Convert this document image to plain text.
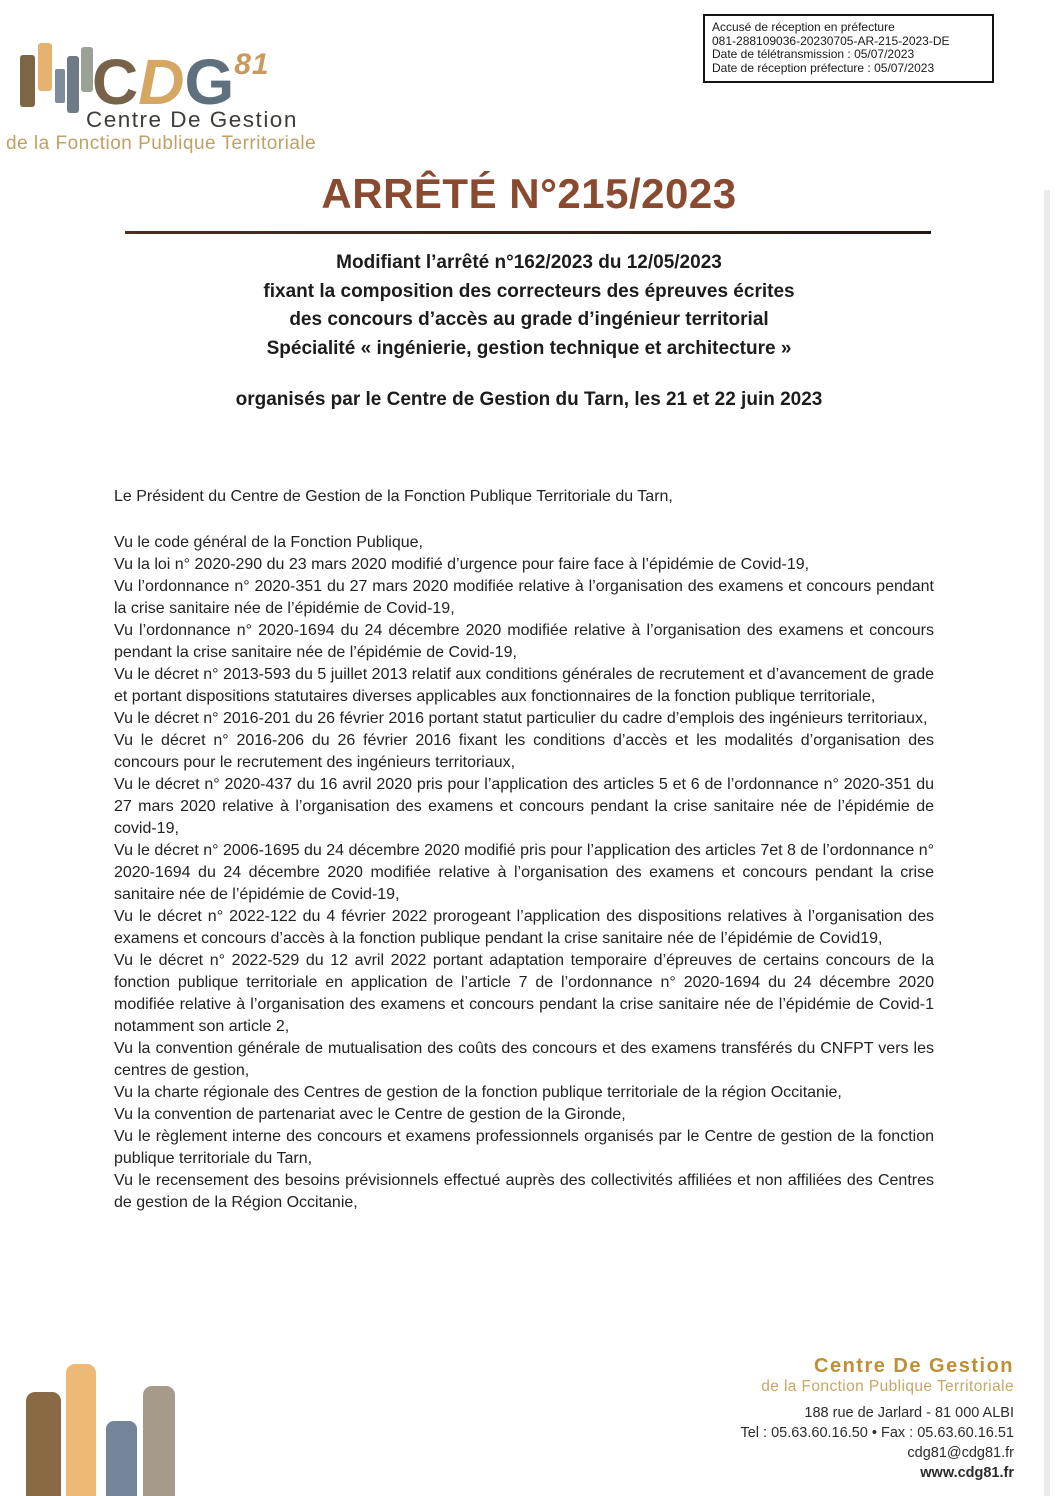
CDG$^{81}$
Centre De Gestion
de la Fonction Publique Territoriale
Accusé de réception en préfecture
081-288109036-20230705-AR-215-2023-DE
Date de télétransmission : 05/07/2023
Date de réception préfecture : 05/07/2023
ARRÊTÉ N°215/2023
Modifiant l’arrêté n°162/2023 du 12/05/2023
fixant la composition des correcteurs des épreuves écrites
des concours d’accès au grade d’ingénieur territorial
Spécialité « ingénierie, gestion technique et architecture »
organisés par le Centre de Gestion du Tarn, les 21 et 22 juin 2023

Le Président du Centre de Gestion de la Fonction Publique Territoriale du Tarn,

Vu le code général de la Fonction Publique,

Vu la loi n° 2020-290 du 23 mars 2020 modifié d’urgence pour faire face à l’épidémie de Covid-19,

Vu l’ordonnance n° 2020-351 du 27 mars 2020 modifiée relative à l’organisation des examens et concours pendant la crise sanitaire née de l’épidémie de Covid-19,

Vu l’ordonnance n° 2020-1694 du 24 décembre 2020 modifiée relative à l’organisation des examens et concours pendant la crise sanitaire née de l’épidémie de Covid-19,

Vu le décret n° 2013-593 du 5 juillet 2013 relatif aux conditions générales de recrutement et d’avancement de grade et portant dispositions statutaires diverses applicables aux fonctionnaires de la fonction publique territoriale,

Vu le décret n° 2016-201 du 26 février 2016 portant statut particulier du cadre d’emplois des ingénieurs territoriaux,

Vu le décret n° 2016-206 du 26 février 2016 fixant les conditions d’accès et les modalités d’organisation des concours pour le recrutement des ingénieurs territoriaux,

Vu le décret n° 2020-437 du 16 avril 2020 pris pour l’application des articles 5 et 6 de l’ordonnance n° 2020-351 du 27 mars 2020 relative à l’organisation des examens et concours pendant la crise sanitaire née de l’épidémie de covid-19,

Vu le décret n° 2006-1695 du 24 décembre 2020 modifié pris pour l’application des articles 7et 8 de l’ordonnance n° 2020-1694 du 24 décembre 2020 modifiée relative à l’organisation des examens et concours pendant la crise sanitaire née de l’épidémie de Covid-19,

Vu le décret n° 2022-122 du 4 février 2022 prorogeant l’application des dispositions relatives à l’organisation des examens et concours d’accès à la fonction publique pendant la crise sanitaire née de l’épidémie de Covid19,

Vu le décret n° 2022-529 du 12 avril 2022 portant adaptation temporaire d’épreuves de certains concours de la fonction publique territoriale en application de l’article 7 de l’ordonnance n° 2020-1694 du 24 décembre 2020 modifiée relative à l’organisation des examens et concours pendant la crise sanitaire née de l’épidémie de Covid-1 notamment son article 2,

Vu la convention générale de mutualisation des coûts des concours et des examens transférés du CNFPT vers les centres de gestion,

Vu la charte régionale des Centres de gestion de la fonction publique territoriale de la région Occitanie,

Vu la convention de partenariat avec le Centre de gestion de la Gironde,

Vu le règlement interne des concours et examens professionnels organisés par le Centre de gestion de la fonction publique territoriale du Tarn,

Vu le recensement des besoins prévisionnels effectué auprès des collectivités affiliées et non affiliées des Centres de gestion de la Région Occitanie,

Centre De Gestion
de la Fonction Publique Territoriale
188 rue de Jarlard - 81 000 ALBI
Tel : 05.63.60.16.50 • Fax : 05.63.60.16.51
cdg81@cdg81.fr
www.cdg81.fr
